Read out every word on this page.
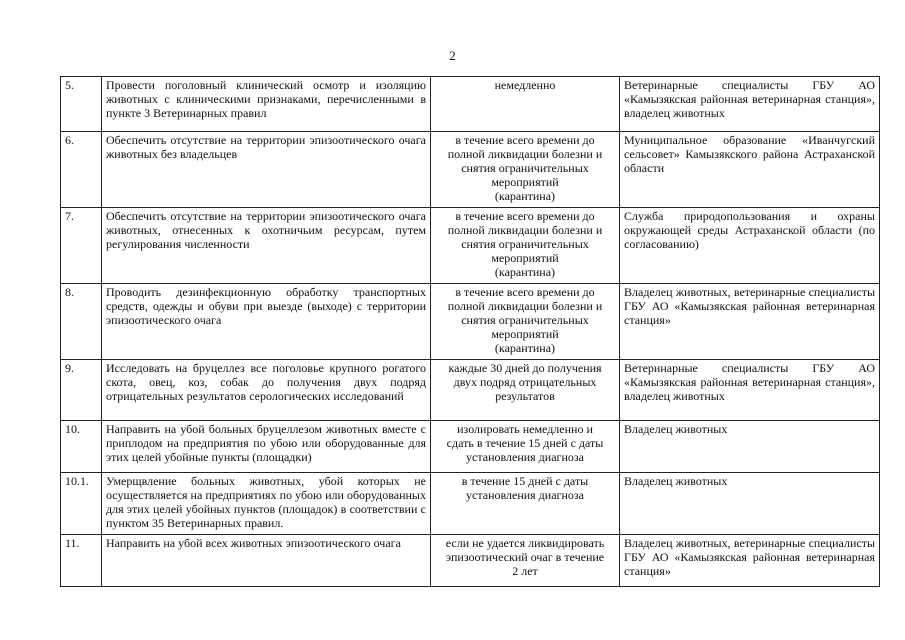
2
5.	Провести поголовный клинический осмотр и изоляцию животных с клиническими признаками, перечисленными в пункте 3 Ветеринарных правил	немедленно	Ветеринарные специалисты ГБУ АО «Камызякская районная ветеринарная станция», владелец животных
6.	Обеспечить отсутствие на территории эпизоотического очага животных без владельцев	в течение всего времени до
полной ликвидации болезни и
снятия ограничительных мероприятий
(карантина)	Муниципальное образование «Иванчугский сельсовет» Камызякского района Астраханской области
7.	Обеспечить отсутствие на территории эпизоотического очага животных, отнесенных к охотничьим ресурсам, путем регулирования численности	в течение всего времени до
полной ликвидации болезни и
снятия ограничительных мероприятий
(карантина)	Служба природопользования и охраны окружающей среды Астраханской области (по согласованию)
8.	Проводить дезинфекционную обработку транспортных средств, одежды и обуви при выезде (выходе) с территории эпизоотического очага	в течение всего времени до
полной ликвидации болезни и
снятия ограничительных мероприятий
(карантина)	Владелец животных, ветеринарные специалисты ГБУ АО «Камызякская районная ветеринарная станция»
9.	Исследовать на бруцеллез все поголовье крупного рогатого скота, овец, коз, собак до получения двух подряд отрицательных результатов серологических исследований	каждые 30 дней до получения
двух подряд отрицательных результатов	Ветеринарные специалисты ГБУ АО «Камызякская районная ветеринарная станция», владелец животных
10.	Направить на убой больных бруцеллезом животных вместе с приплодом на предприятия по убою или оборудованные для этих целей убойные пункты (площадки)	изолировать немедленно и
сдать в течение 15 дней с даты
установления диагноза	Владелец животных
10.1.	Умерщвление больных животных, убой которых не осуществляется на предприятиях по убою или оборудованных для этих целей убойных пунктов (площадок) в соответствии с пунктом 35 Ветеринарных правил.	в течение 15 дней с даты установления диагноза	Владелец животных
11.	Направить на убой всех животных эпизоотического очага	если не удается ликвидировать
эпизоотический очаг в течение
2 лет	Владелец животных, ветеринарные специалисты ГБУ АО «Камызякская районная ветеринарная станция»
